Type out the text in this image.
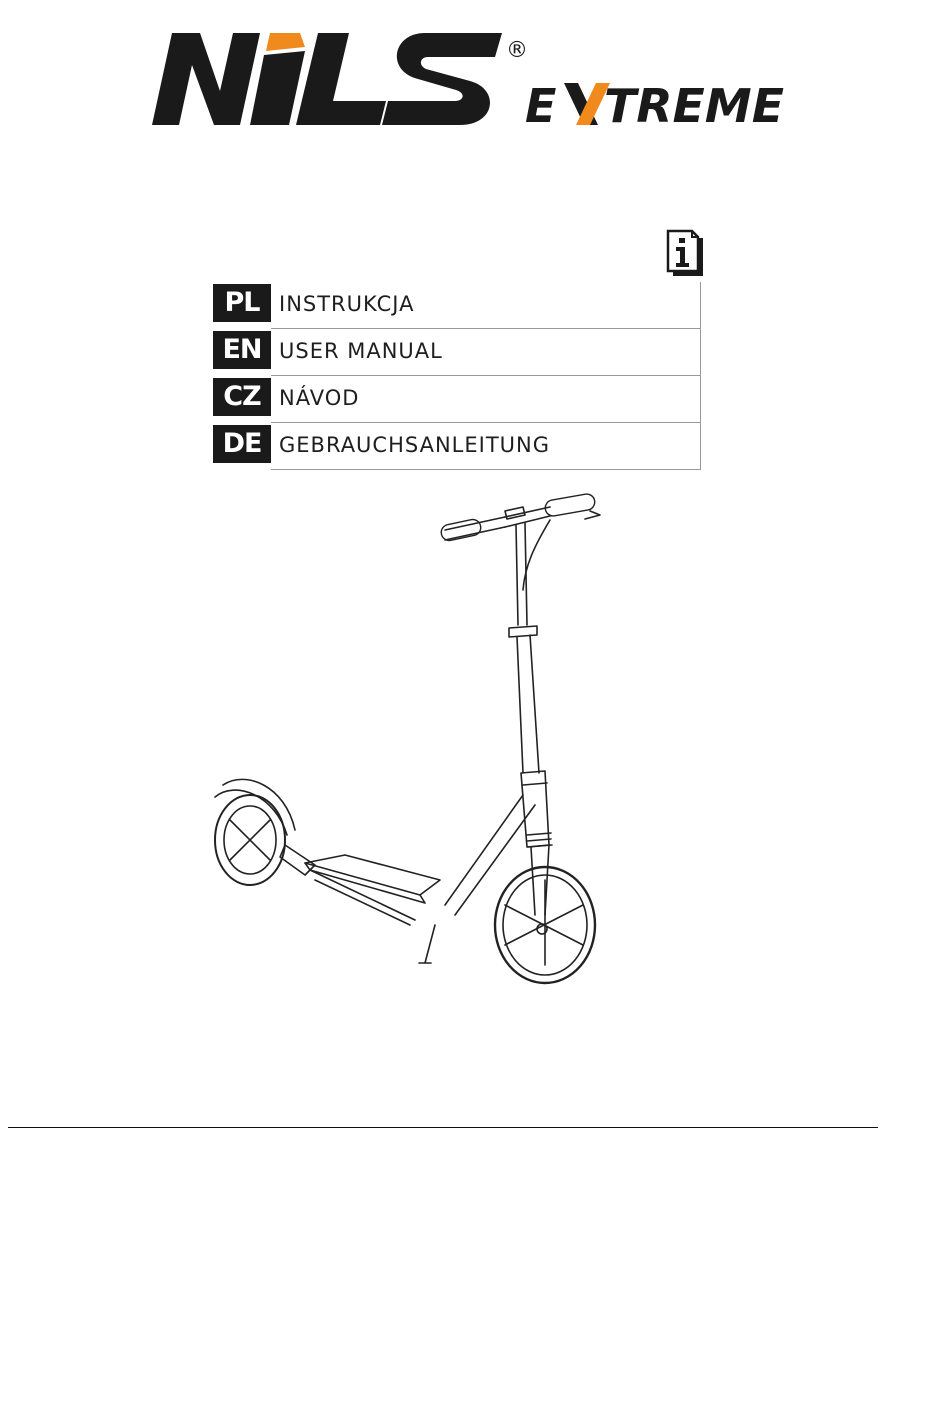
®
E TREME
PL INSTRUKCJA
EN USER MANUAL
CZ NÁVOD
DE GEBRAUCHSANLEITUNG
